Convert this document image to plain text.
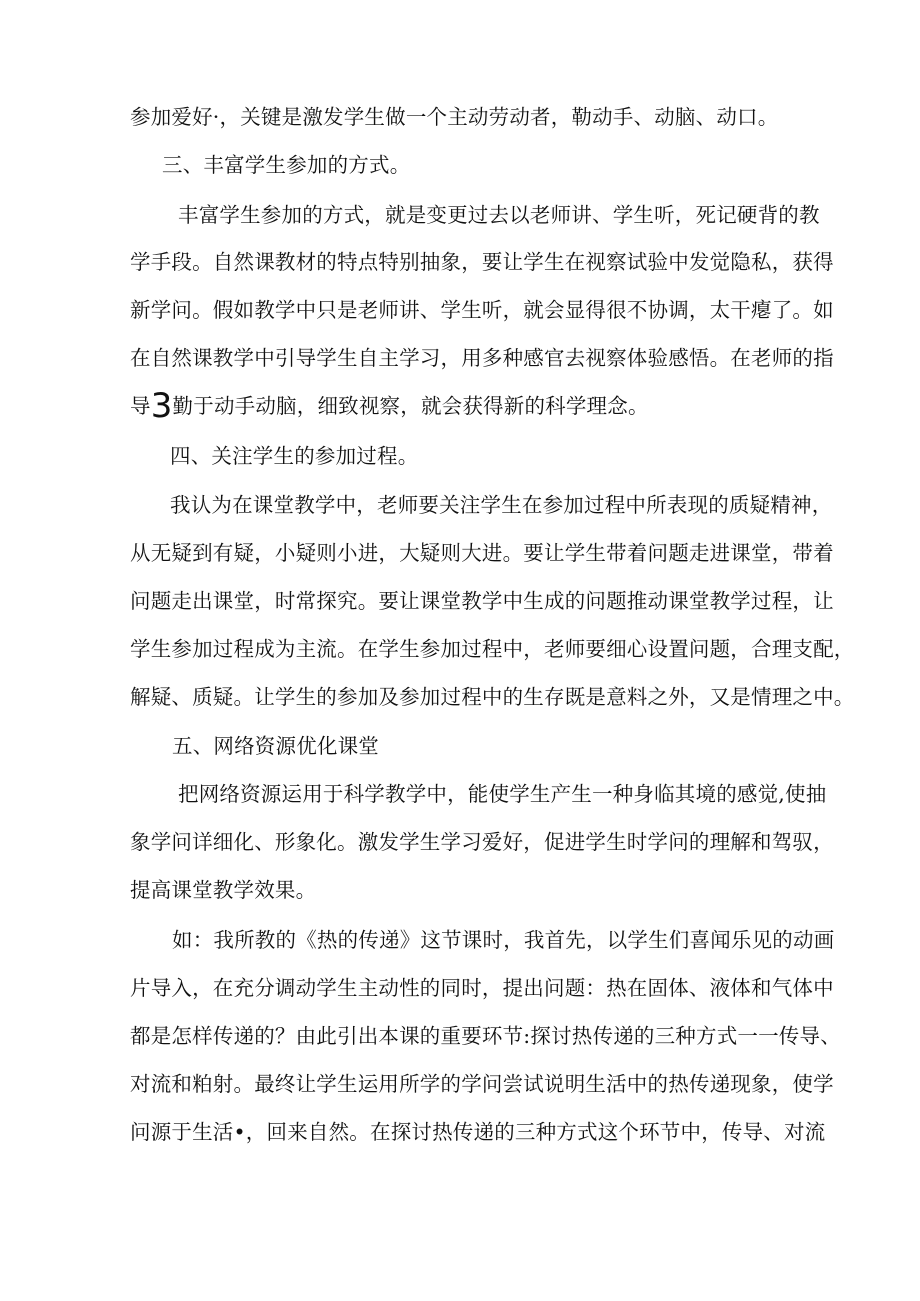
参加爱好·，关键是激发学生做一个主动劳动者，勒动手、动脑、动口。
三、丰富学生参加的方式。
丰富学生参加的方式，就是变更过去以老师讲、学生听，死记硬背的教
学手段。自然课教材的特点特别抽象，要让学生在视察试验中发觉隐私，获得
新学问。假如教学中只是老师讲、学生听，就会显得很不协调，太干瘪了。如
在自然课教学中引导学生自主学习，用多种感官去视察体验感悟。在老师的指
导3勤于动手动脑，细致视察，就会获得新的科学理念。
四、关注学生的参加过程。
我认为在课堂教学中，老师要关注学生在参加过程中所表现的质疑精神，
从无疑到有疑，小疑则小进，大疑则大进。要让学生带着问题走进课堂，带着
问题走出课堂，时常探究。要让课堂教学中生成的问题推动课堂教学过程，让
学生参加过程成为主流。在学生参加过程中，老师要细心设置问题，合理支配，
解疑、质疑。让学生的参加及参加过程中的生存既是意料之外，又是情理之中。
五、网络资源优化课堂
把网络资源运用于科学教学中，能使学生产生一种身临其境的感觉,使抽
象学问详细化、形象化。激发学生学习爱好，促进学生时学问的理解和驾驭，
提高课堂教学效果。
如：我所教的《热的传递》这节课时，我首先，以学生们喜闻乐见的动画
片导入，在充分调动学生主动性的同时，提出问题：热在固体、液体和气体中
都是怎样传递的？由此引出本课的重要环节:探讨热传递的三种方式一一传导、
对流和粕射。最终让学生运用所学的学问尝试说明生活中的热传递现象，使学
问源于生活•，回来自然。在探讨热传递的三种方式这个环节中，传导、对流
